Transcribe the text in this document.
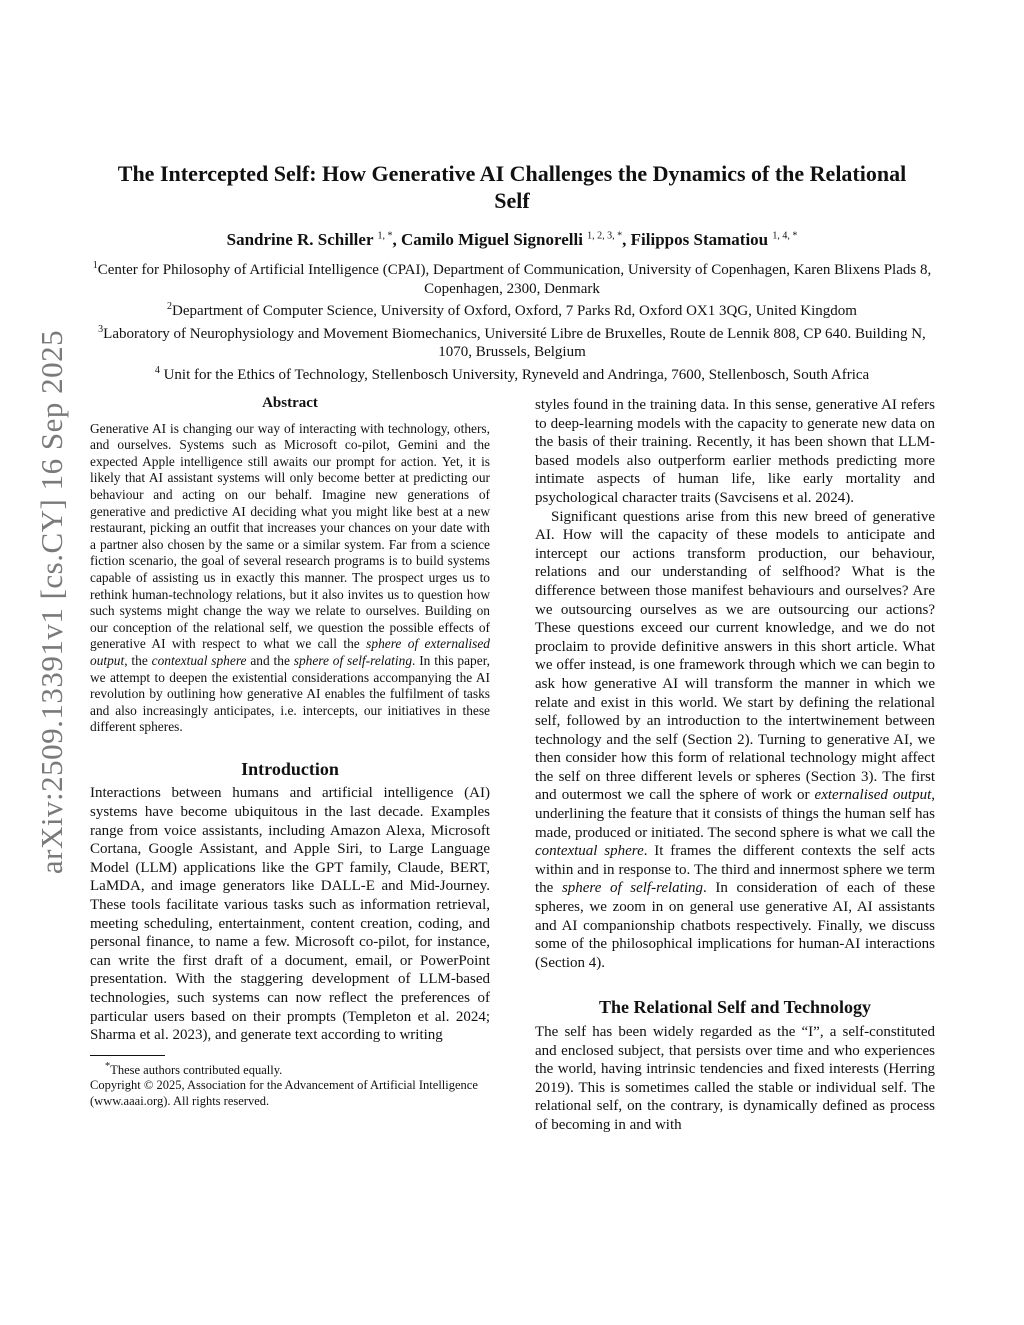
arXiv:2509.13391v1 [cs.CY] 16 Sep 2025
The Intercepted Self: How Generative AI Challenges the Dynamics of the Relational Self
Sandrine R. Schiller $^{1, *}$, Camilo Miguel Signorelli $^{1, 2, 3, *}$, Filippos Stamatiou $^{1, 4, *}$
$^1$Center for Philosophy of Artificial Intelligence (CPAI), Department of Communication, University of Copenhagen, Karen Blixens Plads 8, Copenhagen, 2300, Denmark
$^2$Department of Computer Science, University of Oxford, Oxford, 7 Parks Rd, Oxford OX1 3QG, United Kingdom
$^3$Laboratory of Neurophysiology and Movement Biomechanics, Université Libre de Bruxelles, Route de Lennik 808, CP 640. Building N, 1070, Brussels, Belgium
$^4$ Unit for the Ethics of Technology, Stellenbosch University, Ryneveld and Andringa, 7600, Stellenbosch, South Africa
Abstract

Generative AI is changing our way of interacting with technology, others, and ourselves. Systems such as Microsoft co-pilot, Gemini and the expected Apple intelligence still awaits our prompt for action. Yet, it is likely that AI assistant systems will only become better at predicting our behaviour and acting on our behalf. Imagine new generations of generative and predictive AI deciding what you might like best at a new restaurant, picking an outfit that increases your chances on your date with a partner also chosen by the same or a similar system. Far from a science fiction scenario, the goal of several research programs is to build systems capable of assisting us in exactly this manner. The prospect urges us to rethink human-technology relations, but it also invites us to question how such systems might change the way we relate to ourselves. Building on our conception of the relational self, we question the possible effects of generative AI with respect to what we call the sphere of externalised output, the contextual sphere and the sphere of self-relating. In this paper, we attempt to deepen the existential considerations accompanying the AI revolution by outlining how generative AI enables the fulfilment of tasks and also increasingly anticipates, i.e. intercepts, our initiatives in these different spheres.

Introduction

Interactions between humans and artificial intelligence (AI) systems have become ubiquitous in the last decade. Examples range from voice assistants, including Amazon Alexa, Microsoft Cortana, Google Assistant, and Apple Siri, to Large Language Model (LLM) applications like the GPT family, Claude, BERT, LaMDA, and image generators like DALL-E and Mid-Journey. These tools facilitate various tasks such as information retrieval, meeting scheduling, entertainment, content creation, coding, and personal finance, to name a few. Microsoft co-pilot, for instance, can write the first draft of a document, email, or PowerPoint presentation. With the staggering development of LLM-based technologies, such systems can now reflect the preferences of particular users based on their prompts (Templeton et al. 2024; Sharma et al. 2023), and generate text according to writing

*These authors contributed equally.
Copyright © 2025, Association for the Advancement of Artificial Intelligence (www.aaai.org). All rights reserved.

styles found in the training data. In this sense, generative AI refers to deep-learning models with the capacity to generate new data on the basis of their training. Recently, it has been shown that LLM-based models also outperform earlier methods predicting more intimate aspects of human life, like early mortality and psychological character traits (Savcisens et al. 2024).

Significant questions arise from this new breed of generative AI. How will the capacity of these models to anticipate and intercept our actions transform production, our behaviour, relations and our understanding of selfhood? What is the difference between those manifest behaviours and ourselves? Are we outsourcing ourselves as we are outsourcing our actions? These questions exceed our current knowledge, and we do not proclaim to provide definitive answers in this short article. What we offer instead, is one framework through which we can begin to ask how generative AI will transform the manner in which we relate and exist in this world. We start by defining the relational self, followed by an introduction to the intertwinement between technology and the self (Section 2). Turning to generative AI, we then consider how this form of relational technology might affect the self on three different levels or spheres (Section 3). The first and outermost we call the sphere of work or externalised output, underlining the feature that it consists of things the human self has made, produced or initiated. The second sphere is what we call the contextual sphere. It frames the different contexts the self acts within and in response to. The third and innermost sphere we term the sphere of self-relating. In consideration of each of these spheres, we zoom in on general use generative AI, AI assistants and AI companionship chatbots respectively. Finally, we discuss some of the philosophical implications for human-AI interactions (Section 4).

The Relational Self and Technology

The self has been widely regarded as the “I”, a self-constituted and enclosed subject, that persists over time and who experiences the world, having intrinsic tendencies and fixed interests (Herring 2019). This is sometimes called the stable or individual self. The relational self, on the contrary, is dynamically defined as process of becoming in and with
